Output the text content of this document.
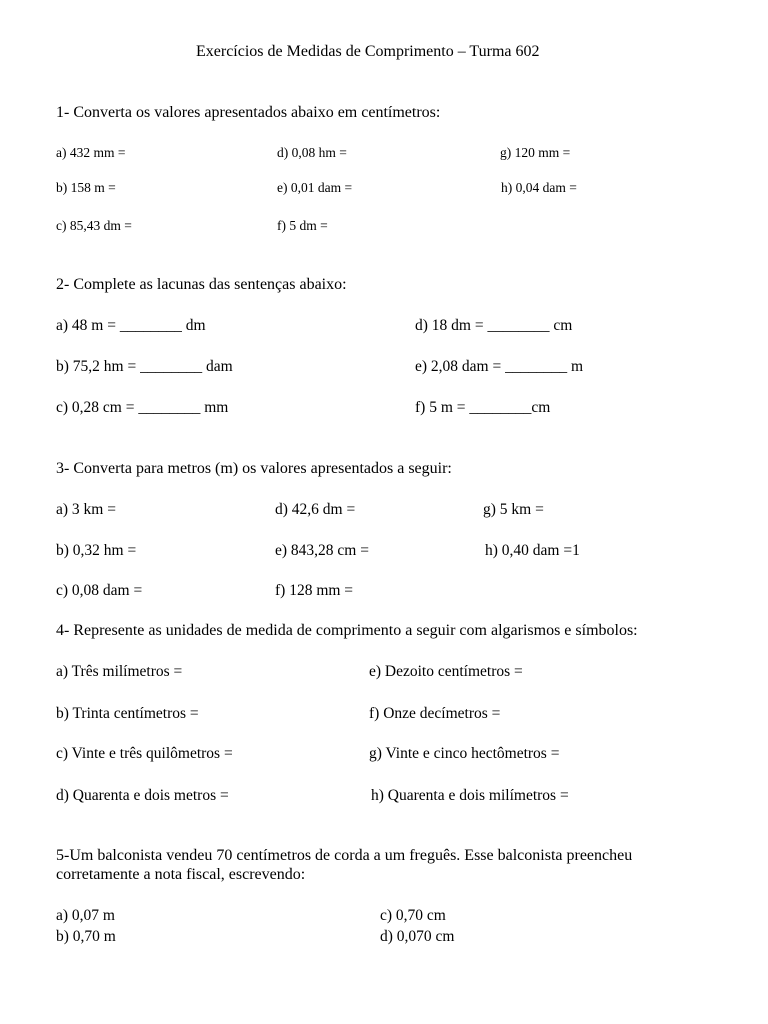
Exercícios de Medidas de Comprimento – Turma 602
1- Converta os valores apresentados abaixo em centímetros:
a) 432 mm =	d) 0,08 hm =	g) 120 mm =
b) 158 m =	e) 0,01 dam =	h) 0,04 dam =
c) 85,43 dm =	f) 5 dm =
2- Complete as lacunas das sentenças abaixo:
a) 48 m = ________ dm	d) 18 dm = ________ cm
b) 75,2 hm = ________ dam	e) 2,08 dam = ________ m
c) 0,28 cm = ________ mm	f) 5 m = ________cm
3- Converta para metros (m) os valores apresentados a seguir:
a) 3 km =	d) 42,6 dm =	g) 5 km =
b) 0,32 hm =	e) 843,28 cm =	h) 0,40 dam =1
c) 0,08 dam =	f) 128 mm =
4- Represente as unidades de medida de comprimento a seguir com algarismos e símbolos:
a) Três milímetros =	e) Dezoito centímetros =
b) Trinta centímetros =	f) Onze decímetros =
c) Vinte e três quilômetros =	g) Vinte e cinco hectômetros =
d) Quarenta e dois metros =	h) Quarenta e dois milímetros =
5-Um balconista vendeu 70 centímetros de corda a um freguês. Esse balconista preencheu
corretamente a nota fiscal, escrevendo:
a) 0,07 m	c) 0,70 cm
b) 0,70 m	d) 0,070 cm
